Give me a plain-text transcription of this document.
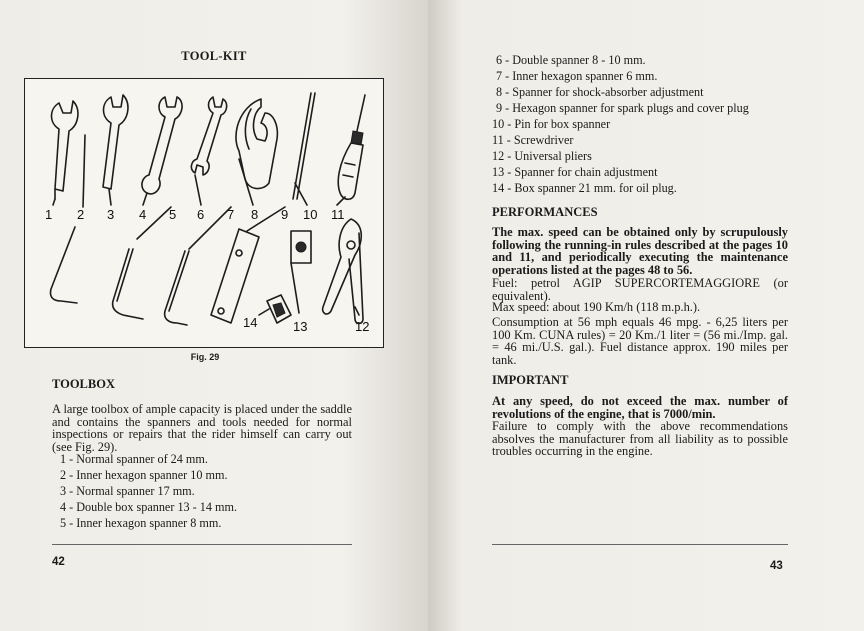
TOOL-KIT
1 2 3 4 5 6 7 8 9 10 11
14	13	12
Fig. 29
TOOLBOX
A large toolbox of ample capacity is placed under the saddle and contains the spanners and tools needed for normal inspections or repairs that the rider himself can carry out (see Fig. 29).
1 - Normal spanner of 24 mm.
2 - Inner hexagon spanner 10 mm.
3 - Normal spanner 17 mm.
4 - Double box spanner 13 - 14 mm.
5 - Inner hexagon spanner 8 mm.
42
6 - Double spanner 8 - 10 mm.
7 - Inner hexagon spanner 6 mm.
8 - Spanner for shock-absorber adjustment
9 - Hexagon spanner for spark plugs and cover plug
10 - Pin for box spanner
11 - Screwdriver
12 - Universal pliers
13 - Spanner for chain adjustment
14 - Box spanner 21 mm. for oil plug.
PERFORMANCES
The max. speed can be obtained only by scrupulously following the running-in rules described at the pages 10 and 11, and periodically executing the maintenance operations listed at the pages 48 to 56.
Fuel: petrol AGIP SUPERCORTEMAGGIORE (or equivalent).
Max speed: about 190 Km/h (118 m.p.h.).
Consumption at 56 mph equals 46 mpg. - 6,25 liters per 100 Km. CUNA rules) = 20 Km./1 liter = (56 mi./Imp. gal. = 46 mi./U.S. gal.). Fuel distance approx. 190 miles per tank.
IMPORTANT
At any speed, do not exceed the max. number of revolutions of the engine, that is 7000/min.
Failure to comply with the above recommendations absolves the manufacturer from all liability as to possible troubles occurring in the engine.
43
